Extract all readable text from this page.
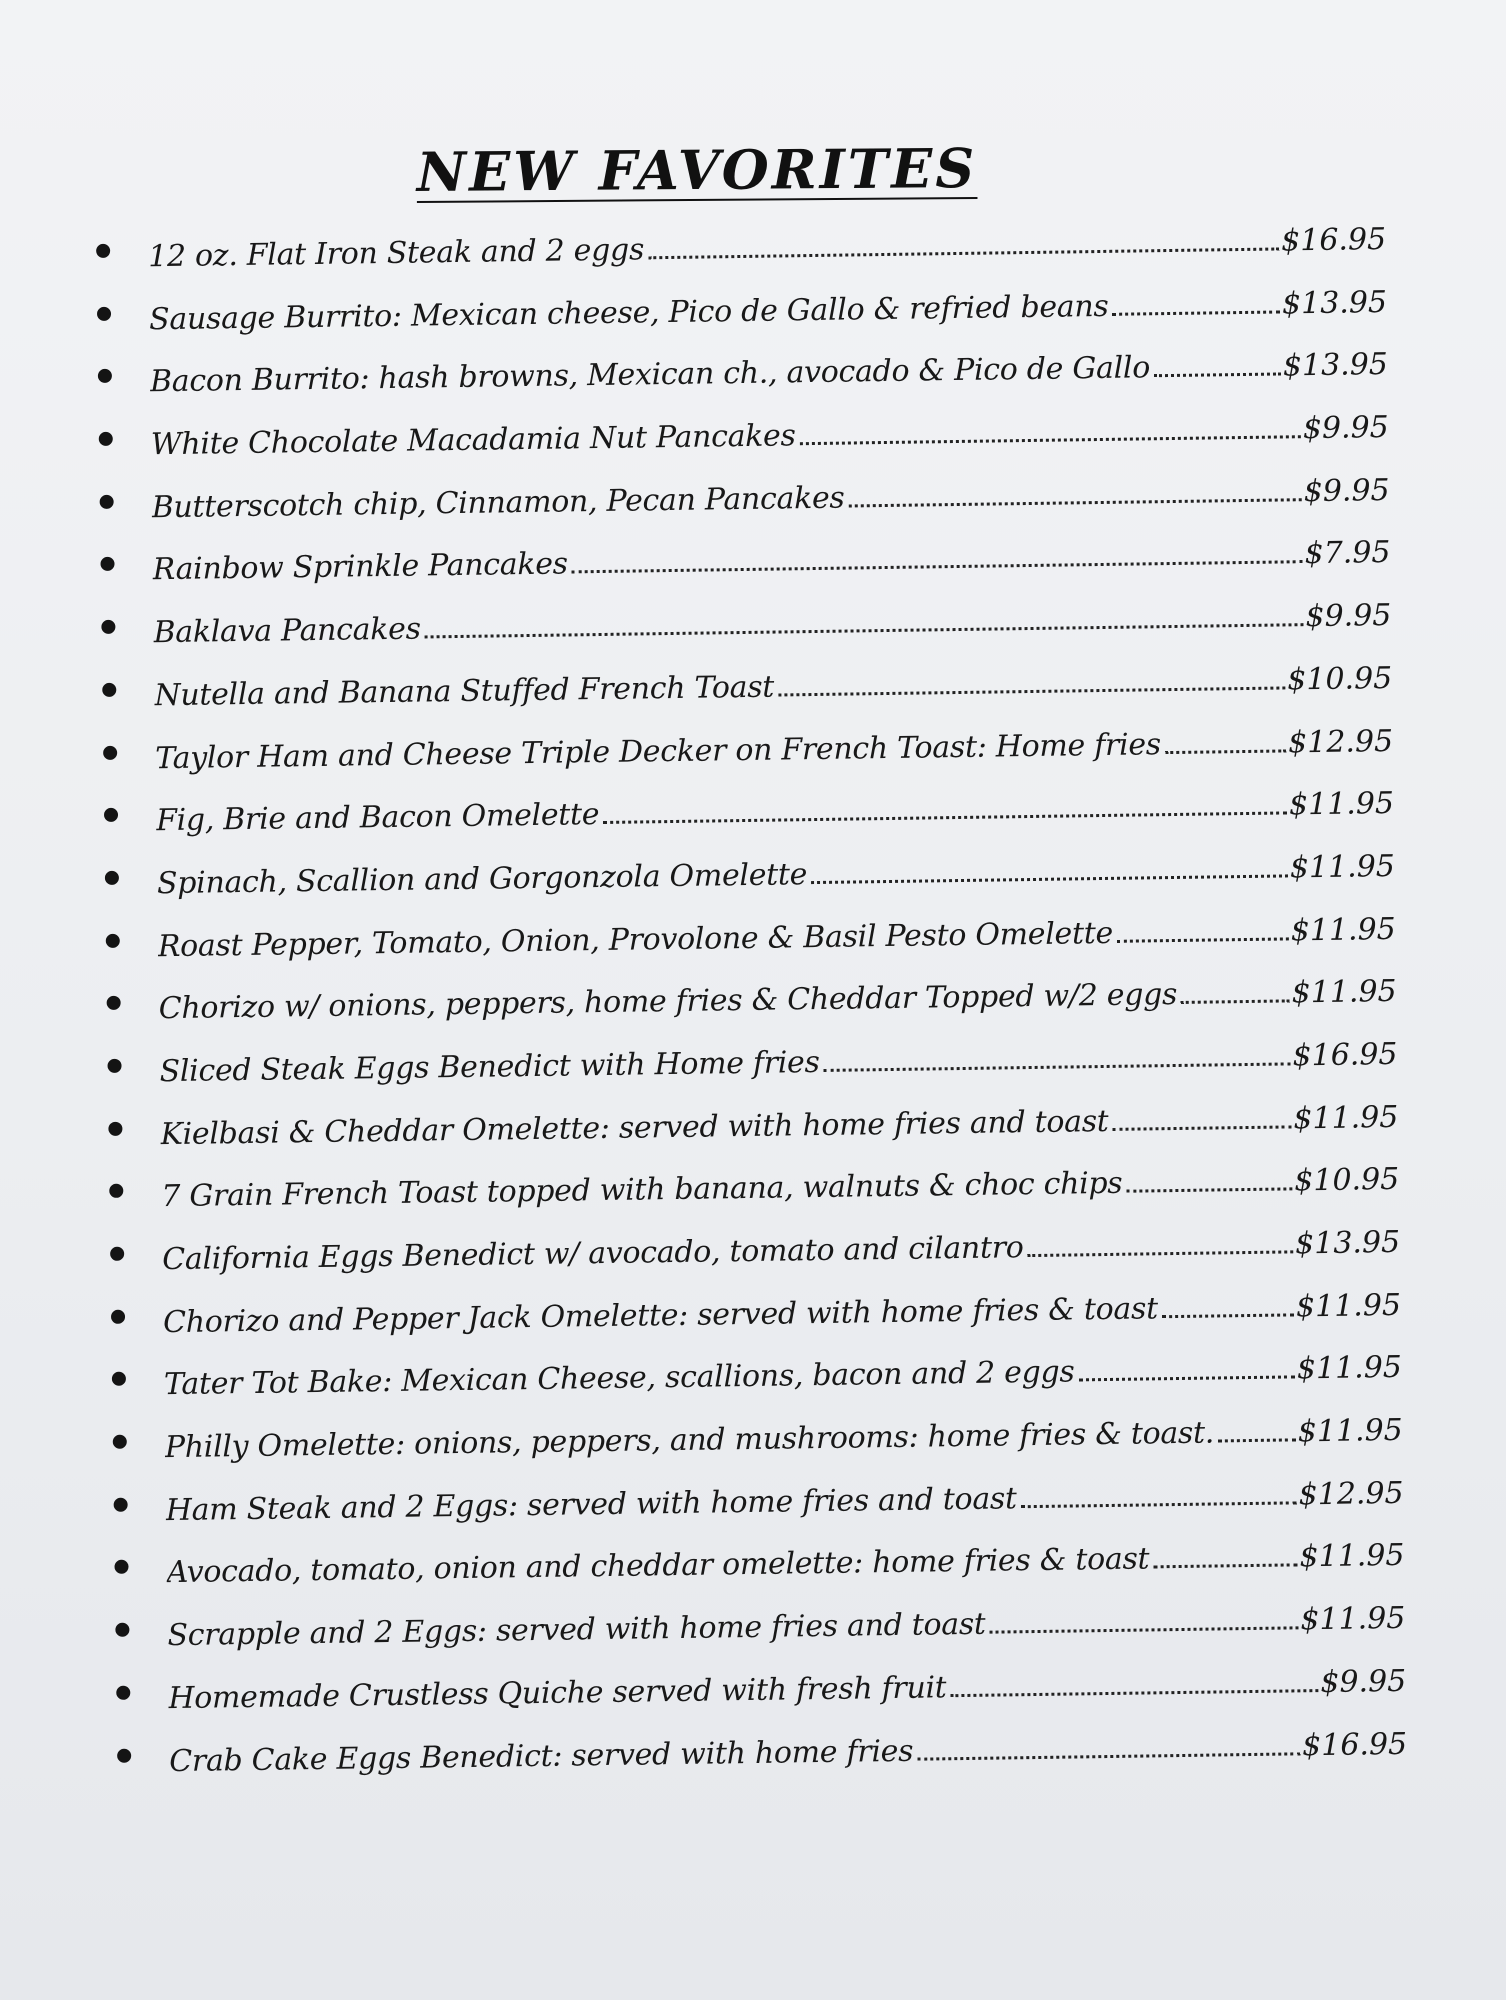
NEW FAVORITES
12 oz. Flat Iron Steak and 2 eggs	$16.95
Sausage Burrito: Mexican cheese, Pico de Gallo & refried beans	$13.95
Bacon Burrito: hash browns, Mexican ch., avocado & Pico de Gallo	$13.95
White Chocolate Macadamia Nut Pancakes	$9.95
Butterscotch chip, Cinnamon, Pecan Pancakes	$9.95
Rainbow Sprinkle Pancakes	$7.95
Baklava Pancakes	$9.95
Nutella and Banana Stuffed French Toast	$10.95
Taylor Ham and Cheese Triple Decker on French Toast: Home fries	$12.95
Fig, Brie and Bacon Omelette	$11.95
Spinach, Scallion and Gorgonzola Omelette	$11.95
Roast Pepper, Tomato, Onion, Provolone & Basil Pesto Omelette	$11.95
Chorizo w/ onions, peppers, home fries & Cheddar Topped w/2 eggs	$11.95
Sliced Steak Eggs Benedict with Home fries	$16.95
Kielbasi & Cheddar Omelette: served with home fries and toast	$11.95
7 Grain French Toast topped with banana, walnuts & choc chips	$10.95
California Eggs Benedict w/ avocado, tomato and cilantro	$13.95
Chorizo and Pepper Jack Omelette: served with home fries & toast	$11.95
Tater Tot Bake: Mexican Cheese, scallions, bacon and 2 eggs	$11.95
Philly Omelette: onions, peppers, and mushrooms: home fries & toast.	$11.95
Ham Steak and 2 Eggs: served with home fries and toast	$12.95
Avocado, tomato, onion and cheddar omelette: home fries & toast	$11.95
Scrapple and 2 Eggs: served with home fries and toast	$11.95
Homemade Crustless Quiche served with fresh fruit	$9.95
Crab Cake Eggs Benedict: served with home fries	$16.95
